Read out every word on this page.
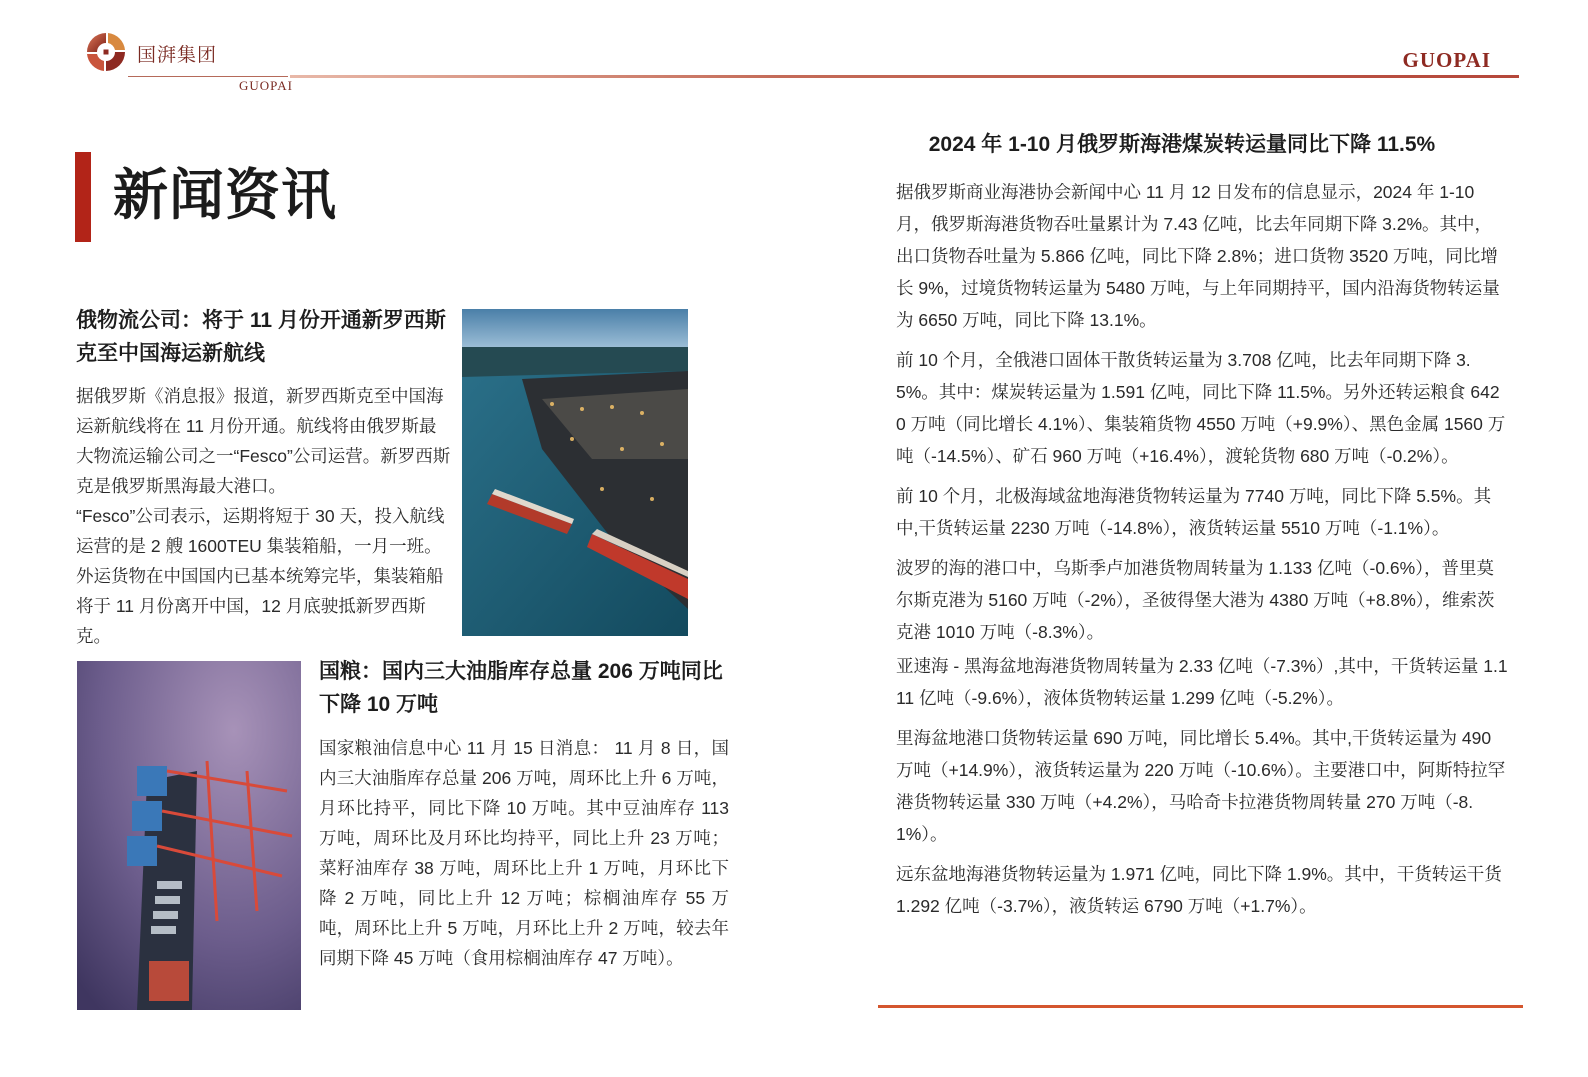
国湃集团
GUOPAI
GUOPAI
新闻资讯
俄物流公司：将于 11 月份开通新罗西斯克至中国海运新航线

据俄罗斯《消息报》报道，新罗西斯克至中国海运新航线将在 11 月份开通。航线将由俄罗斯最大物流运输公司之一“Fesco”公司运营。新罗西斯克是俄罗斯黑海最大港口。

“Fesco”公司表示，运期将短于 30 天，投入航线运营的是 2 艘 1600TEU 集装箱船，一月一班。外运货物在中国国内已基本统筹完毕，集装箱船将于 11 月份离开中国，12 月底驶抵新罗西斯克。

国粮：国内三大油脂库存总量 206 万吨同比下降 10 万吨
国家粮油信息中心 11 月 15 日消息： 11 月 8 日，国内三大油脂库存总量 206 万吨，周环比上升 6 万吨，月环比持平，同比下降 10 万吨。其中豆油库存 113 万吨，周环比及月环比均持平，同比上升 23 万吨；菜籽油库存 38 万吨，周环比上升 1 万吨，月环比下降 2 万吨，同比上升 12 万吨；棕榈油库存 55 万吨，周环比上升 5 万吨，月环比上升 2 万吨，较去年同期下降 45 万吨（食用棕榈油库存 47 万吨）。
2024 年 1-10 月俄罗斯海港煤炭转运量同比下降 11.5%

据俄罗斯商业海港协会新闻中心 11 月 12 日发布的信息显示，2024 年 1-10 月，俄罗斯海港货物吞吐量累计为 7.43 亿吨，比去年同期下降 3.2%。其中，出口货物吞吐量为 5.866 亿吨，同比下降 2.8%；进口货物 3520 万吨，同比增长 9%，过境货物转运量为 5480 万吨，与上年同期持平，国内沿海货物转运量为 6650 万吨，同比下降 13.1%。

前 10 个月，全俄港口固体干散货转运量为 3.708 亿吨，比去年同期下降 3.5%。其中：煤炭转运量为 1.591 亿吨，同比下降 11.5%。另外还转运粮食 6420 万吨（同比增长 4.1%）、集装箱货物 4550 万吨（+9.9%）、黑色金属 1560 万吨（-14.5%）、矿石 960 万吨（+16.4%），渡轮货物 680 万吨（-0.2%）。

前 10 个月，北极海域盆地海港货物转运量为 7740 万吨，同比下降 5.5%。其中,干货转运量 2230 万吨（-14.8%），液货转运量 5510 万吨（-1.1%）。

波罗的海的港口中，乌斯季卢加港货物周转量为 1.133 亿吨（-0.6%），普里莫尔斯克港为 5160 万吨（-2%），圣彼得堡大港为 4380 万吨（+8.8%），维索茨克港 1010 万吨（-8.3%）。

亚速海 - 黑海盆地海港货物周转量为 2.33 亿吨（-7.3%）,其中，干货转运量 1.111 亿吨（-9.6%），液体货物转运量 1.299 亿吨（-5.2%）。

里海盆地港口货物转运量 690 万吨，同比增长 5.4%。其中,干货转运量为 490 万吨（+14.9%），液货转运量为 220 万吨（-10.6%）。主要港口中，阿斯特拉罕港货物转运量 330 万吨（+4.2%），马哈奇卡拉港货物周转量 270 万吨（-8.1%）。

远东盆地海港货物转运量为 1.971 亿吨，同比下降 1.9%。其中，干货转运干货 1.292 亿吨（-3.7%），液货转运 6790 万吨（+1.7%）。
